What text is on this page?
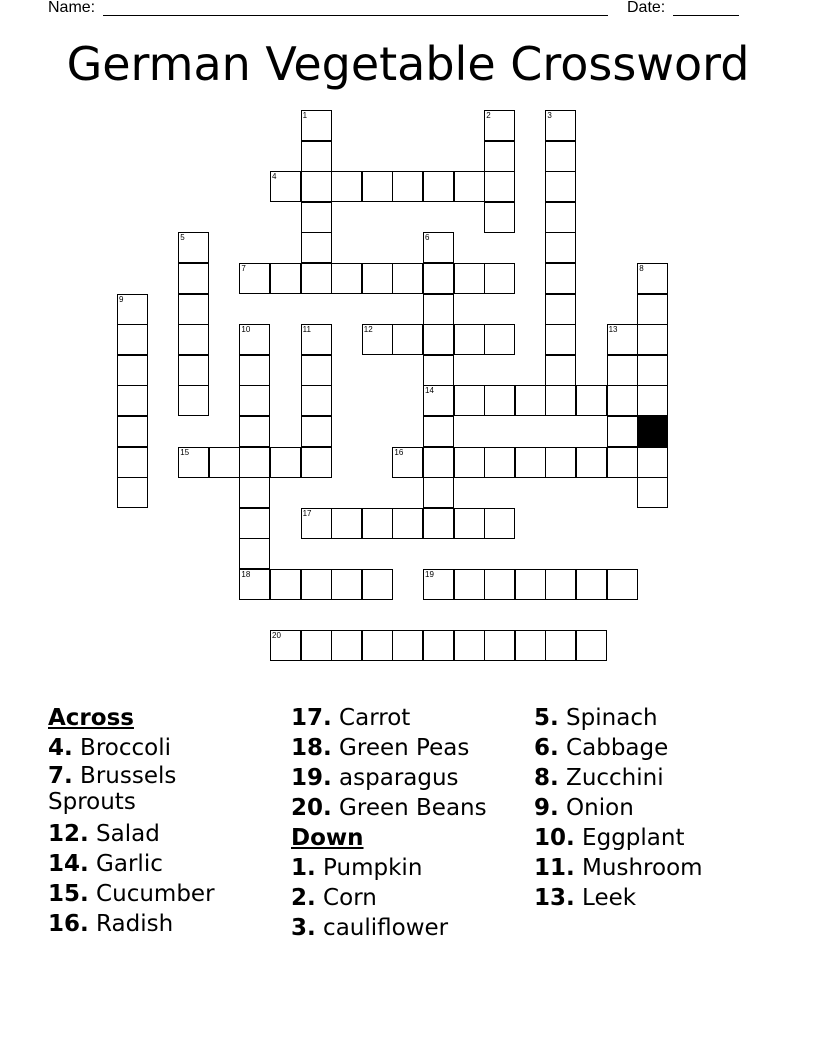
Name:	Date:
German Vegetable Crossword
1	2	3
4
5	6
14
7	8
9
10
18
11	12	13
15	16
17
19
20
Across
4. Broccoli
7. Brussels Sprouts
12. Salad
14. Garlic
15. Cucumber
16. Radish
17. Carrot
18. Green Peas
19. asparagus
20. Green Beans
Down
1. Pumpkin
2. Corn
3. cauliflower
5. Spinach
6. Cabbage
8. Zucchini
9. Onion
10. Eggplant
11. Mushroom
13. Leek
